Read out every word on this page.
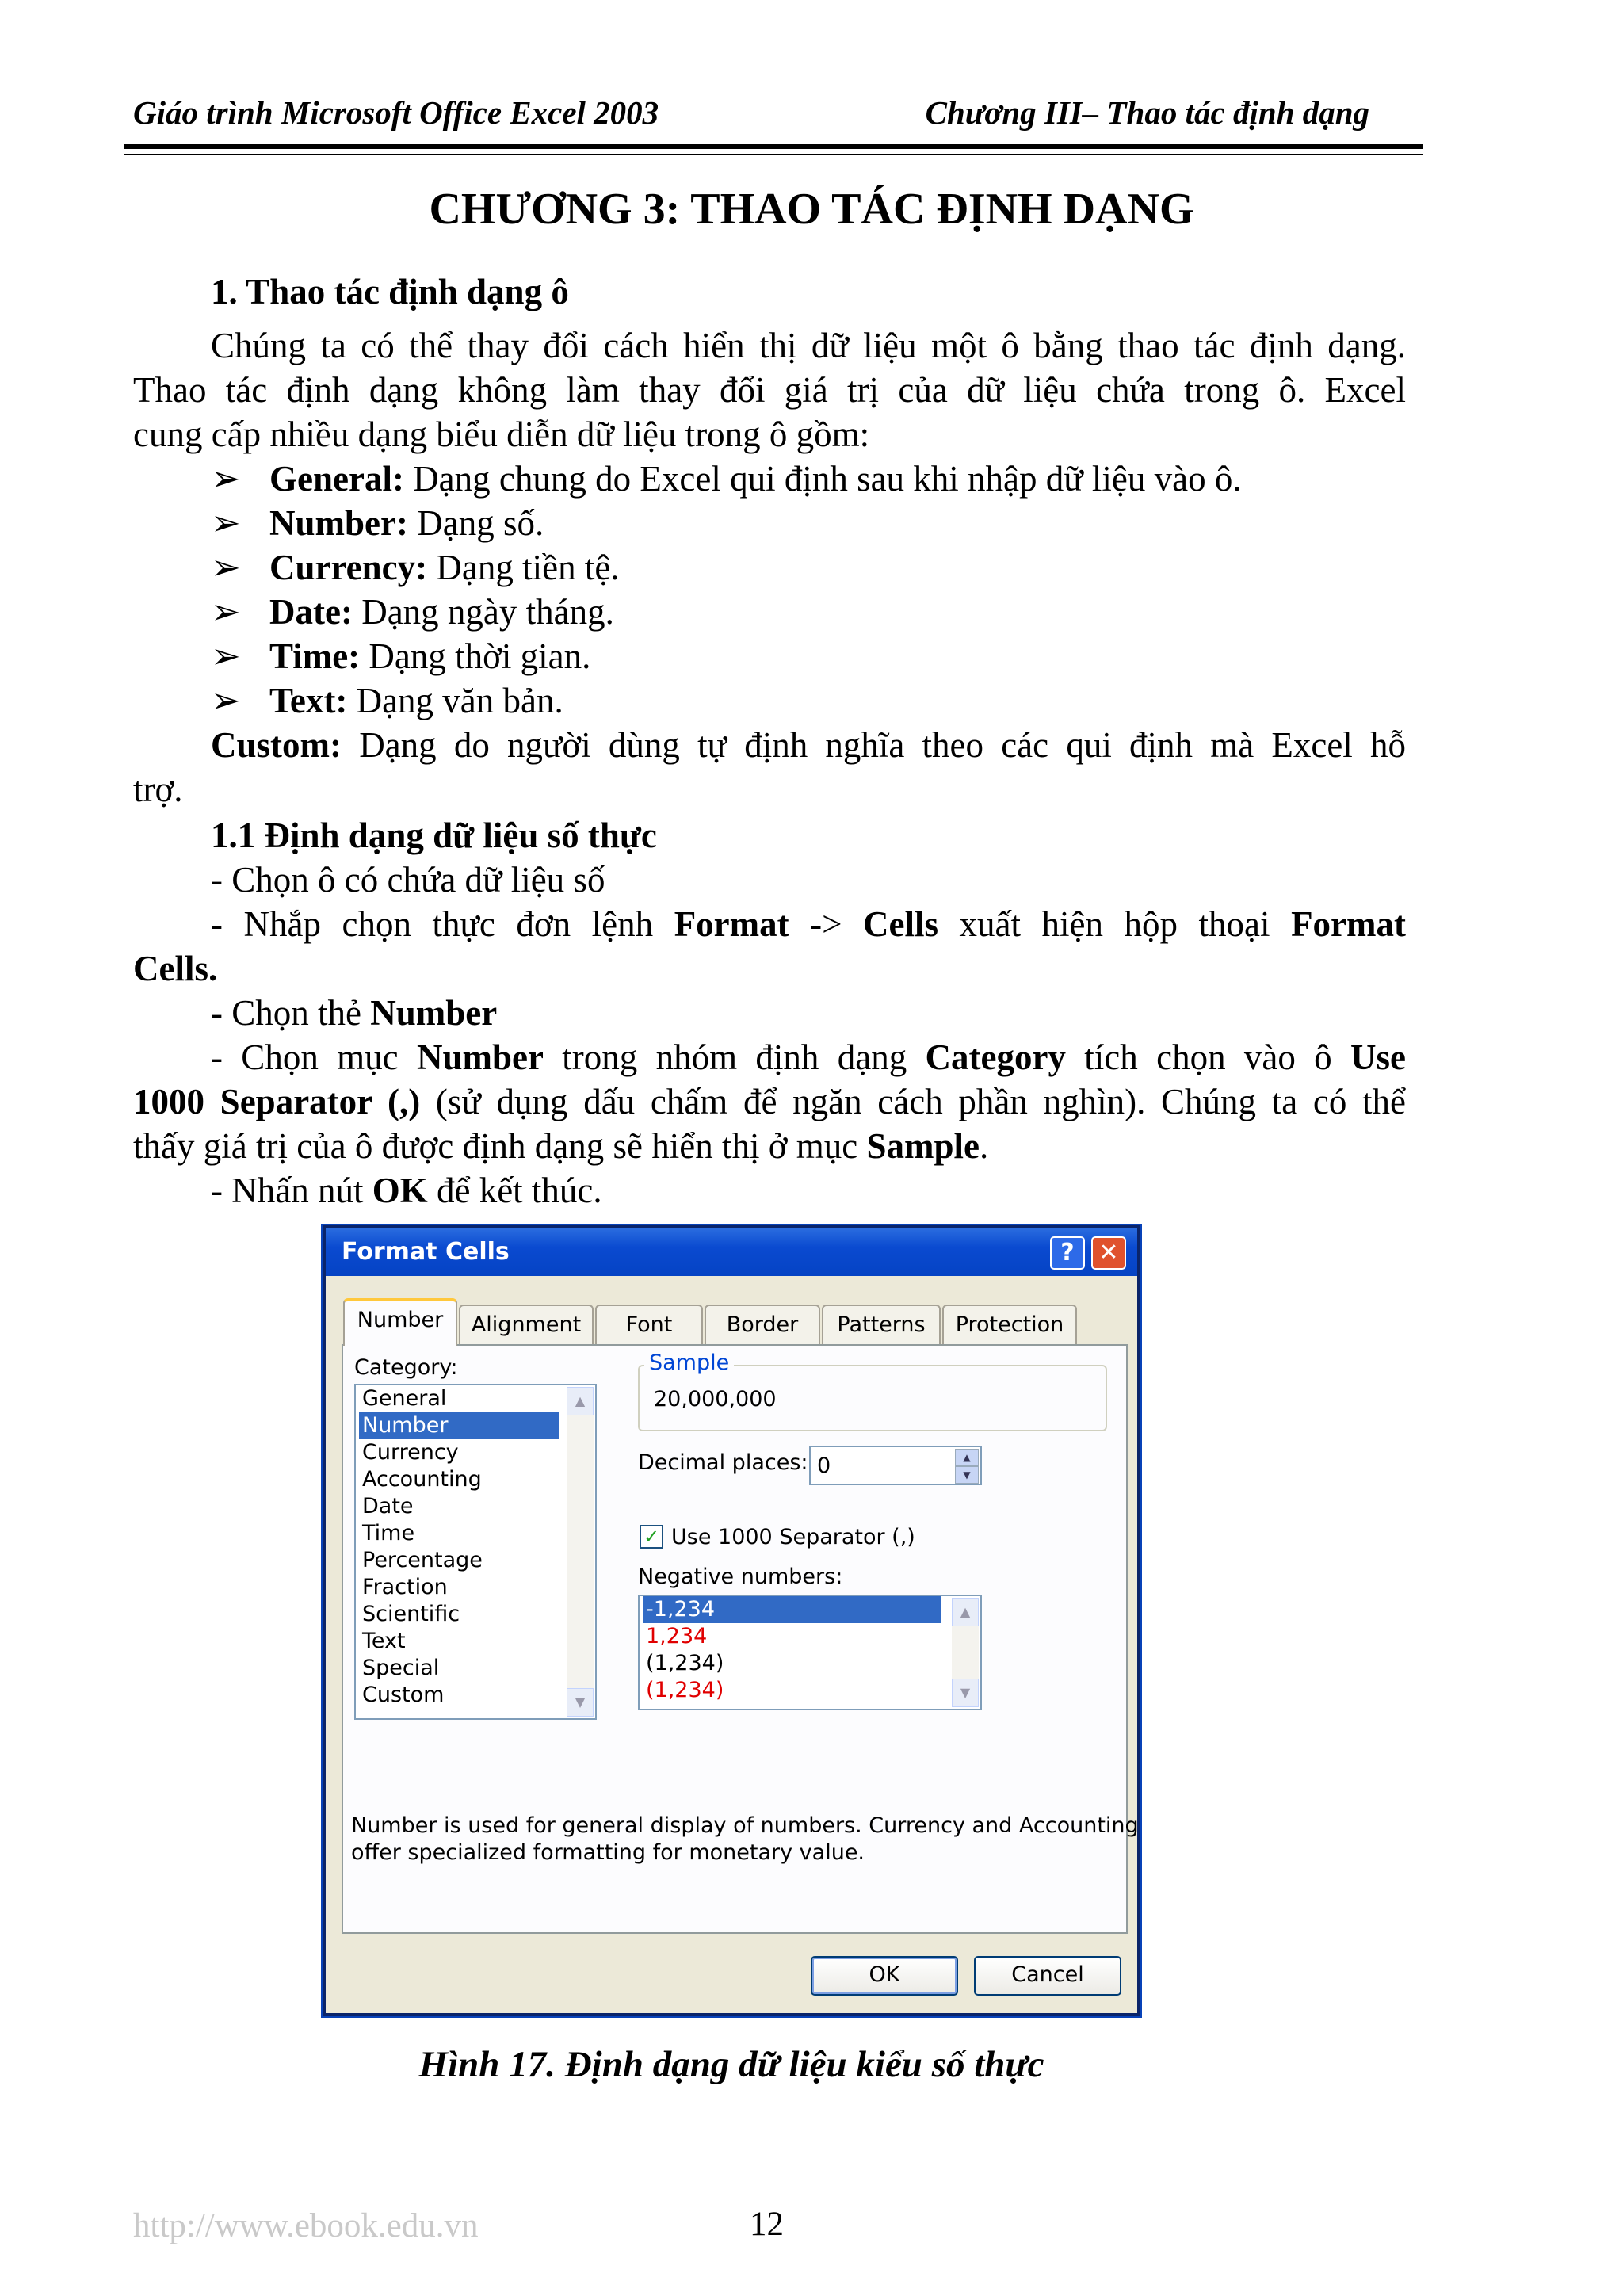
Giáo trình Microsoft Office Excel 2003	Chương III– Thao tác định dạng
CHƯƠNG 3: THAO TÁC ĐỊNH DẠNG
1. Thao tác định dạng ô
Chúng ta có thể thay đổi cách hiển thị dữ liệu một ô bằng thao tác định dạng.
Thao tác định dạng không làm thay đổi giá trị của dữ liệu chứa trong ô. Excel
cung cấp nhiều dạng biểu diễn dữ liệu trong ô gồm:
➢ General: Dạng chung do Excel qui định sau khi nhập dữ liệu vào ô.
➢ Number: Dạng số.
➢ Currency: Dạng tiền tệ.
➢ Date: Dạng ngày tháng.
➢ Time: Dạng thời gian.
➢ Text: Dạng văn bản.
Custom: Dạng do người dùng tự định nghĩa theo các qui định mà Excel hỗ
trợ.
1.1 Định dạng dữ liệu số thực
- Chọn ô có chứa dữ liệu số
- Nhắp chọn thực đơn lệnh Format -> Cells xuất hiện hộp thoại Format
Cells.
- Chọn thẻ Number
- Chọn mục Number trong nhóm định dạng Category tích chọn vào ô Use
1000 Separator (,) (sử dụng dấu chấm để ngăn cách phần nghìn). Chúng ta có thể
thấy giá trị của ô được định dạng sẽ hiển thị ở mục Sample.
- Nhấn nút OK để kết thúc.
Format Cells	?	✕
Number	Alignment	Font	Border	Patterns	Protection
Category:
General
Number
Currency
Accounting
Date
Time
Percentage
Fraction
Scientific
Text
Special
Custom
▲
▼
Sample
20,000,000
Decimal places: 0	▲
▼
✓ Use 1000 Separator (,)
Negative numbers:
-1,234
1,234
(1,234)
(1,234)
▲
▼
Number is used for general display of numbers. Currency and Accounting
offer specialized formatting for monetary value.
OK	Cancel
Hình 17. Định dạng dữ liệu kiểu số thực
http://www.ebook.edu.vn	12
